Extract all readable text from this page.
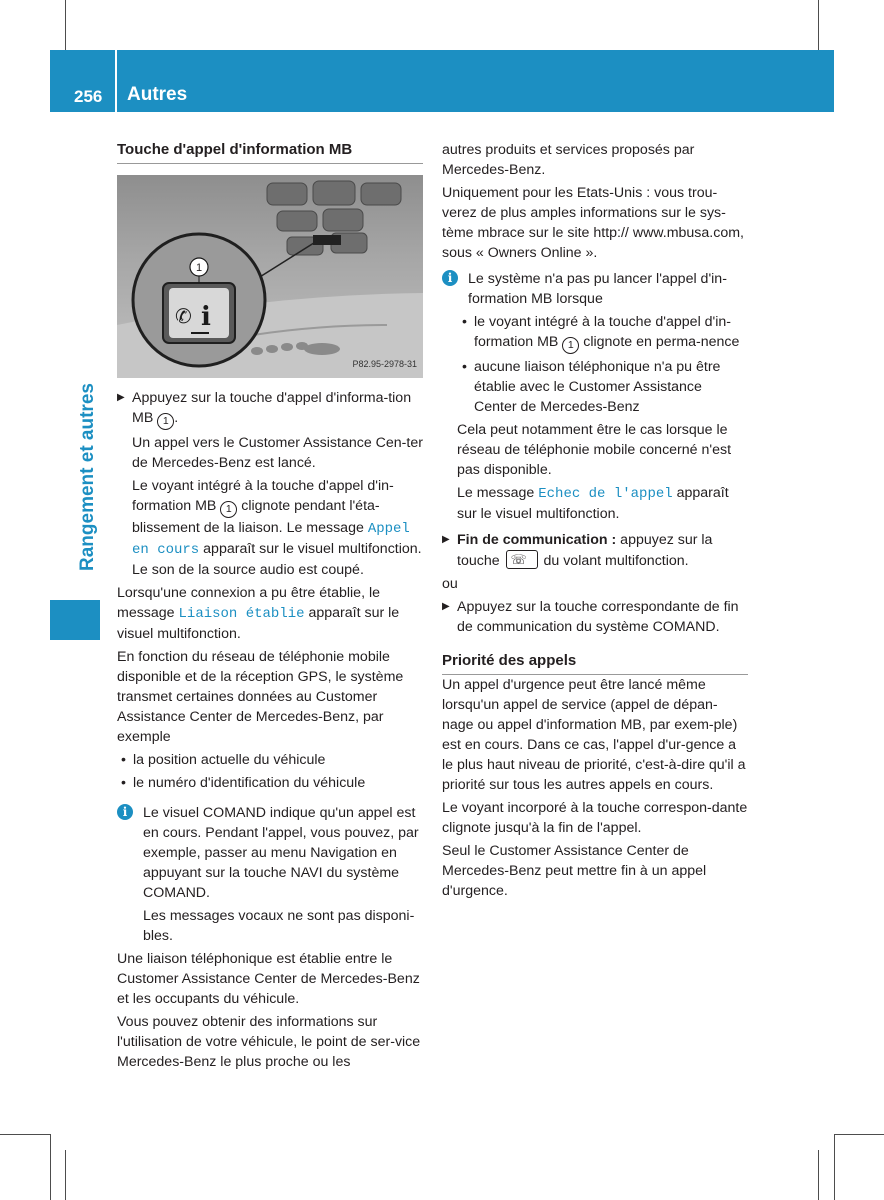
256 Autres
Rangement et autres
Touche d'appel d'information MB
✆ i
1
P82.95-2978-31

▶ Appuyez sur la touche d'appel d'informa-tion MB 1 .

Un appel vers le Customer Assistance Cen-ter de Mercedes-Benz est lancé.

Le voyant intégré à la touche d'appel d'in-formation MB 1 clignote pendant l'éta-blissement de la liaison. Le message Appel en cours apparaît sur le visuel multifonction. Le son de la source audio est coupé.

Lorsqu'une connexion a pu être établie, le message Liaison établie apparaît sur le visuel multifonction.

En fonction du réseau de téléphonie mobile disponible et de la réception GPS, le système transmet certaines données au Customer Assistance Center de Mercedes-Benz, par exemple

• la position actuelle du véhicule
• le numéro d'identification du véhicule
i	Le visuel COMAND indique qu'un appel est en cours. Pendant l'appel, vous pouvez, par exemple, passer au menu Navigation en appuyant sur la touche NAVI du système COMAND.

Les messages vocaux ne sont pas disponi-bles.

Une liaison téléphonique est établie entre le Customer Assistance Center de Mercedes-Benz et les occupants du véhicule.

Vous pouvez obtenir des informations sur l'utilisation de votre véhicule, le point de ser-vice Mercedes-Benz le plus proche ou les

autres produits et services proposés par Mercedes-Benz.

Uniquement pour les Etats-Unis : vous trou-verez de plus amples informations sur le sys-tème mbrace sur le site http:// www.mbusa.com, sous « Owners Online ».

i	Le système n'a pas pu lancer l'appel d'in-formation MB lorsque

• le voyant intégré à la touche d'appel d'in-formation MB 1 clignote en perma-nence
• aucune liaison téléphonique n'a pu être établie avec le Customer Assistance Center de Mercedes-Benz

Cela peut notamment être le cas lorsque le réseau de téléphonie mobile concerné n'est pas disponible.

Le message Echec de l'appel apparaît sur le visuel multifonction.

▶ Fin de communication : appuyez sur la touche ☏ du volant multifonction.

ou

▶ Appuyez sur la touche correspondante de fin de communication du système COMAND.

Priorité des appels

Un appel d'urgence peut être lancé même lorsqu'un appel de service (appel de dépan-nage ou appel d'information MB, par exem-ple) est en cours. Dans ce cas, l'appel d'ur-gence a le plus haut niveau de priorité, c'est-à-dire qu'il a priorité sur tous les autres appels en cours.

Le voyant incorporé à la touche correspon-dante clignote jusqu'à la fin de l'appel.

Seul le Customer Assistance Center de Mercedes-Benz peut mettre fin à un appel d'urgence.
